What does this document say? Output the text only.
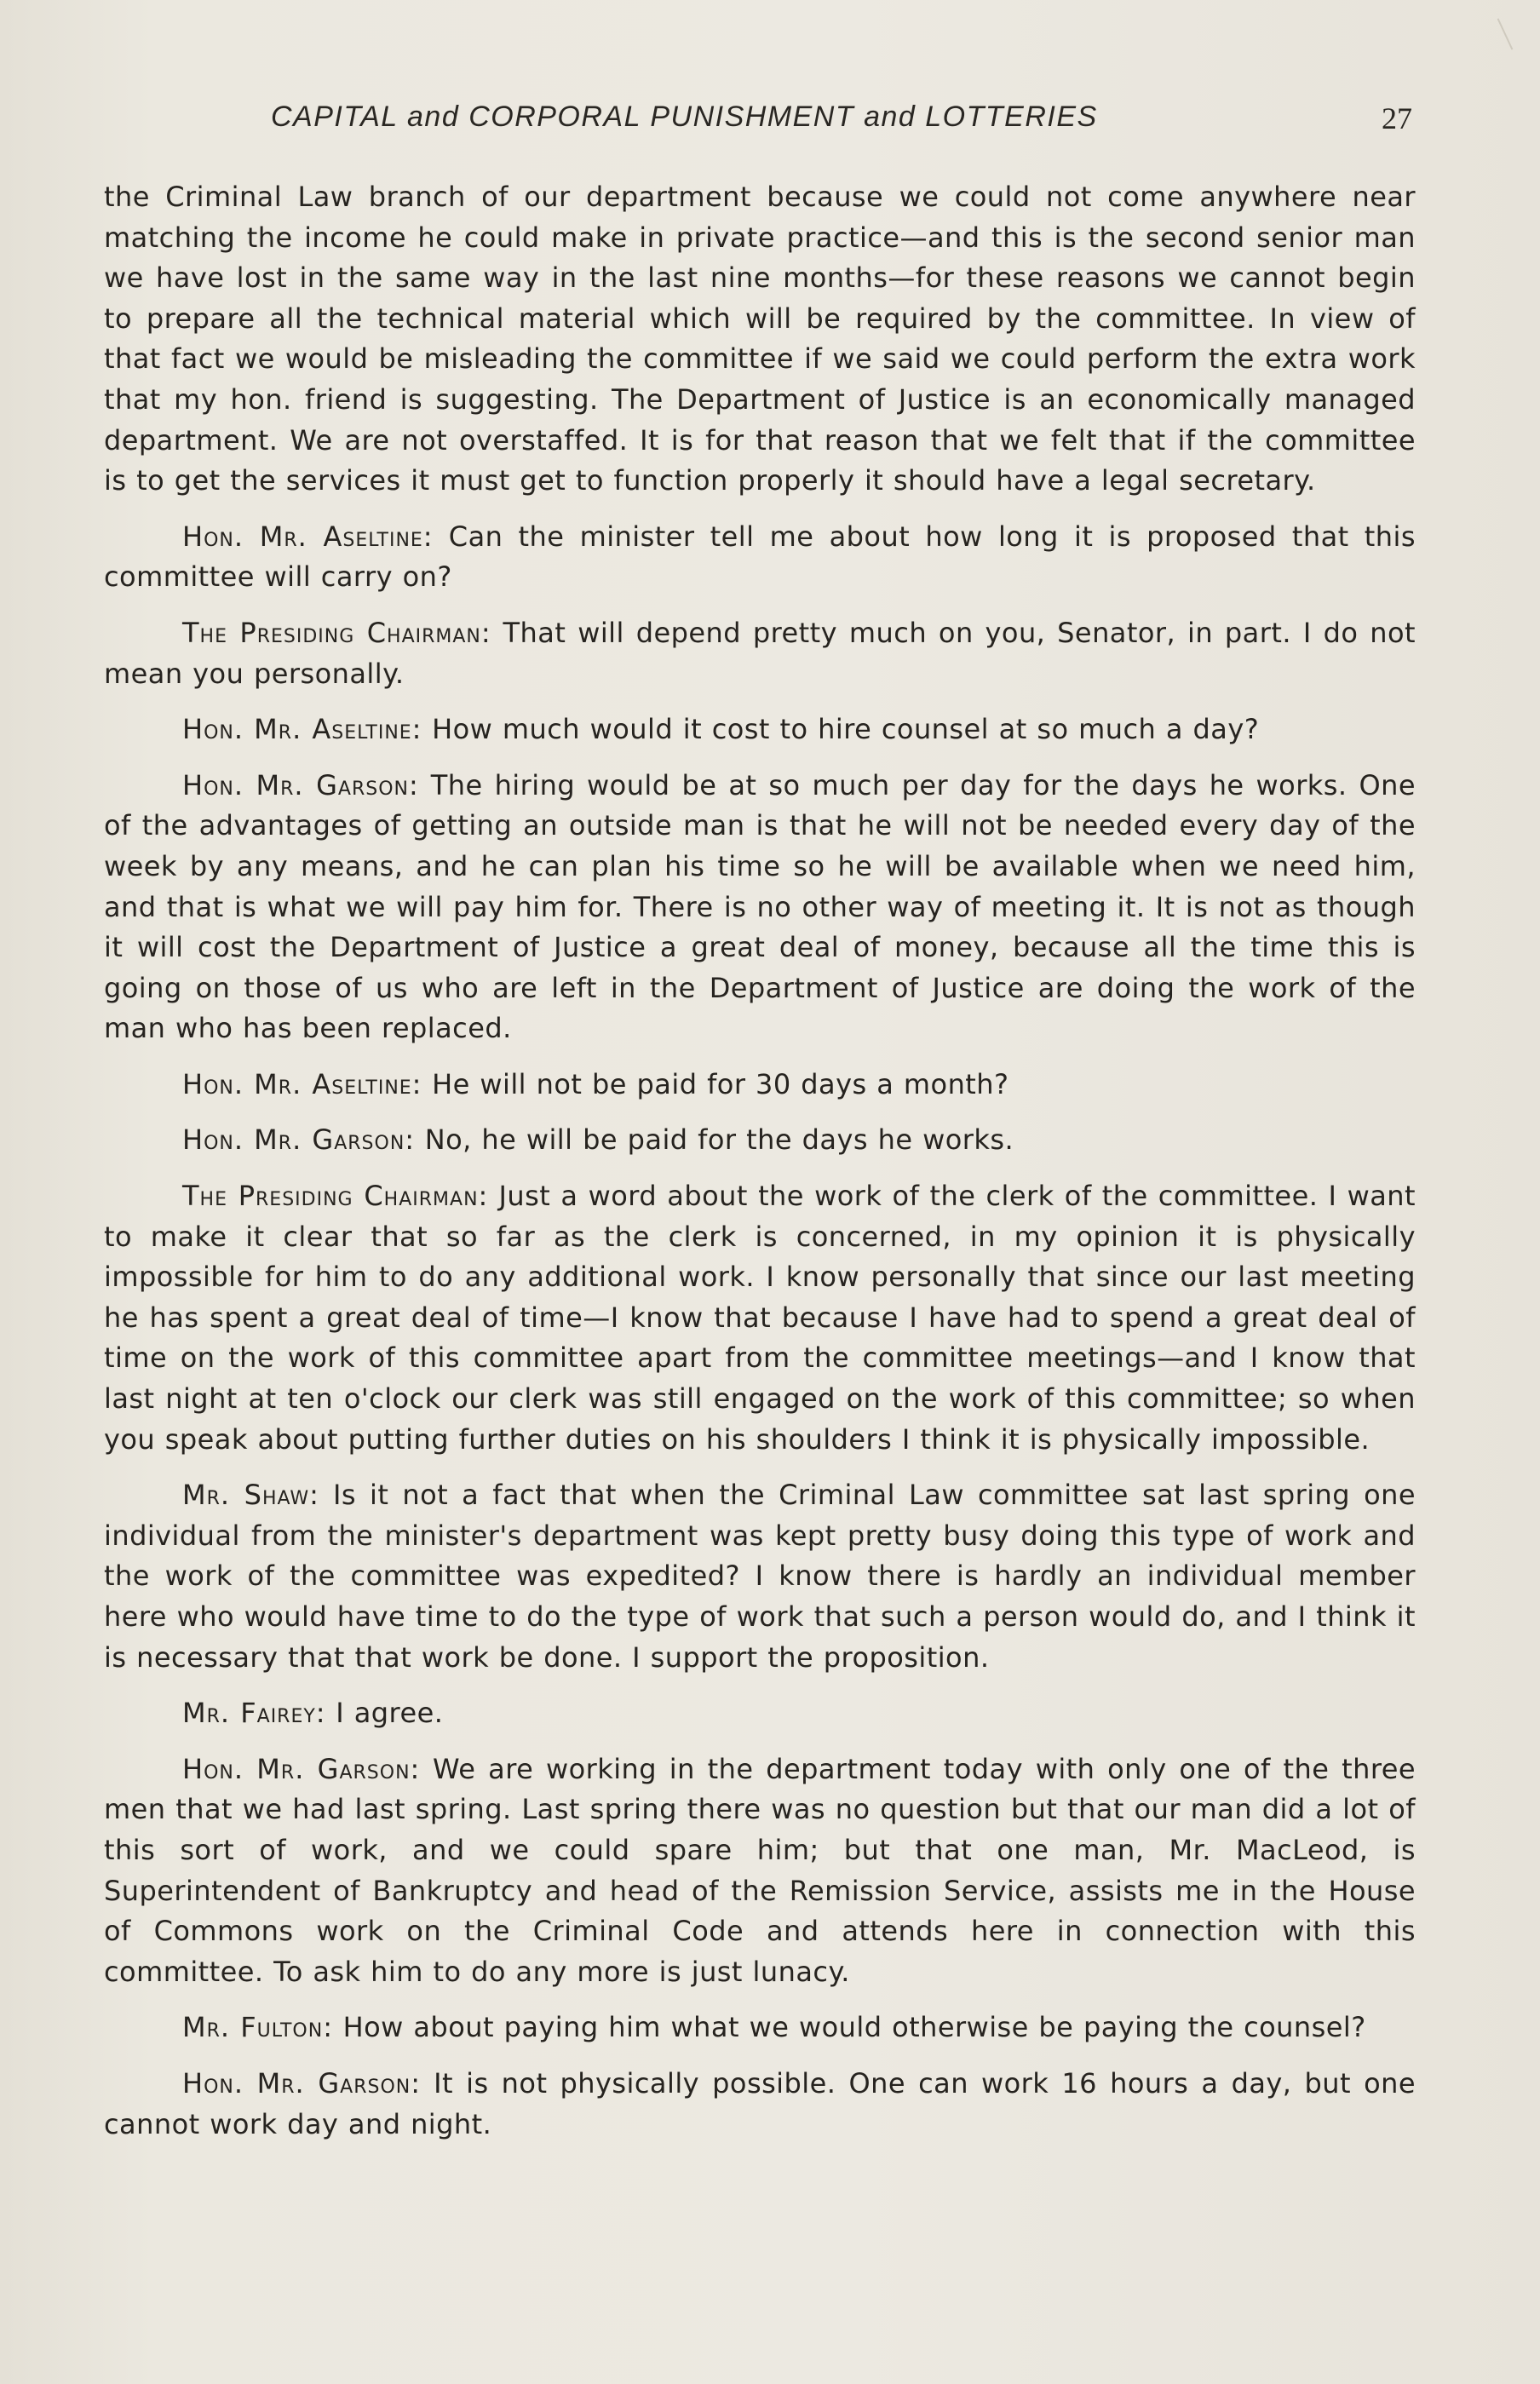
CAPITAL and CORPORAL PUNISHMENT and LOTTERIES	27

the Criminal Law branch of our department because we could not come anywhere near matching the income he could make in private practice—and this is the second senior man we have lost in the same way in the last nine months—for these reasons we cannot begin to prepare all the technical material which will be required by the committee. In view of that fact we would be misleading the committee if we said we could perform the extra work that my hon. friend is suggesting. The Department of Justice is an economically managed department. We are not overstaffed. It is for that reason that we felt that if the committee is to get the services it must get to function properly it should have a legal secretary.

Hon. Mr. Aseltine: Can the minister tell me about how long it is proposed that this committee will carry on?

The Presiding Chairman: That will depend pretty much on you, Senator, in part. I do not mean you personally.

Hon. Mr. Aseltine: How much would it cost to hire counsel at so much a day?

Hon. Mr. Garson: The hiring would be at so much per day for the days he works. One of the advantages of getting an outside man is that he will not be needed every day of the week by any means, and he can plan his time so he will be available when we need him, and that is what we will pay him for. There is no other way of meeting it. It is not as though it will cost the Department of Justice a great deal of money, because all the time this is going on those of us who are left in the Department of Justice are doing the work of the man who has been replaced.

Hon. Mr. Aseltine: He will not be paid for 30 days a month?

Hon. Mr. Garson: No, he will be paid for the days he works.

The Presiding Chairman: Just a word about the work of the clerk of the committee. I want to make it clear that so far as the clerk is concerned, in my opinion it is physically impossible for him to do any additional work. I know personally that since our last meeting he has spent a great deal of time—I know that because I have had to spend a great deal of time on the work of this committee apart from the committee meetings—and I know that last night at ten o'clock our clerk was still engaged on the work of this committee; so when you speak about putting further duties on his shoulders I think it is physically impossible.

Mr. Shaw: Is it not a fact that when the Criminal Law committee sat last spring one individual from the minister's department was kept pretty busy doing this type of work and the work of the committee was expedited? I know there is hardly an individual member here who would have time to do the type of work that such a person would do, and I think it is necessary that that work be done. I support the proposition.

Mr. Fairey: I agree.

Hon. Mr. Garson: We are working in the department today with only one of the three men that we had last spring. Last spring there was no question but that our man did a lot of this sort of work, and we could spare him; but that one man, Mr. MacLeod, is Superintendent of Bankruptcy and head of the Remission Service, assists me in the House of Commons work on the Criminal Code and attends here in connection with this committee. To ask him to do any more is just lunacy.

Mr. Fulton: How about paying him what we would otherwise be paying the counsel?

Hon. Mr. Garson: It is not physically possible. One can work 16 hours a day, but one cannot work day and night.
